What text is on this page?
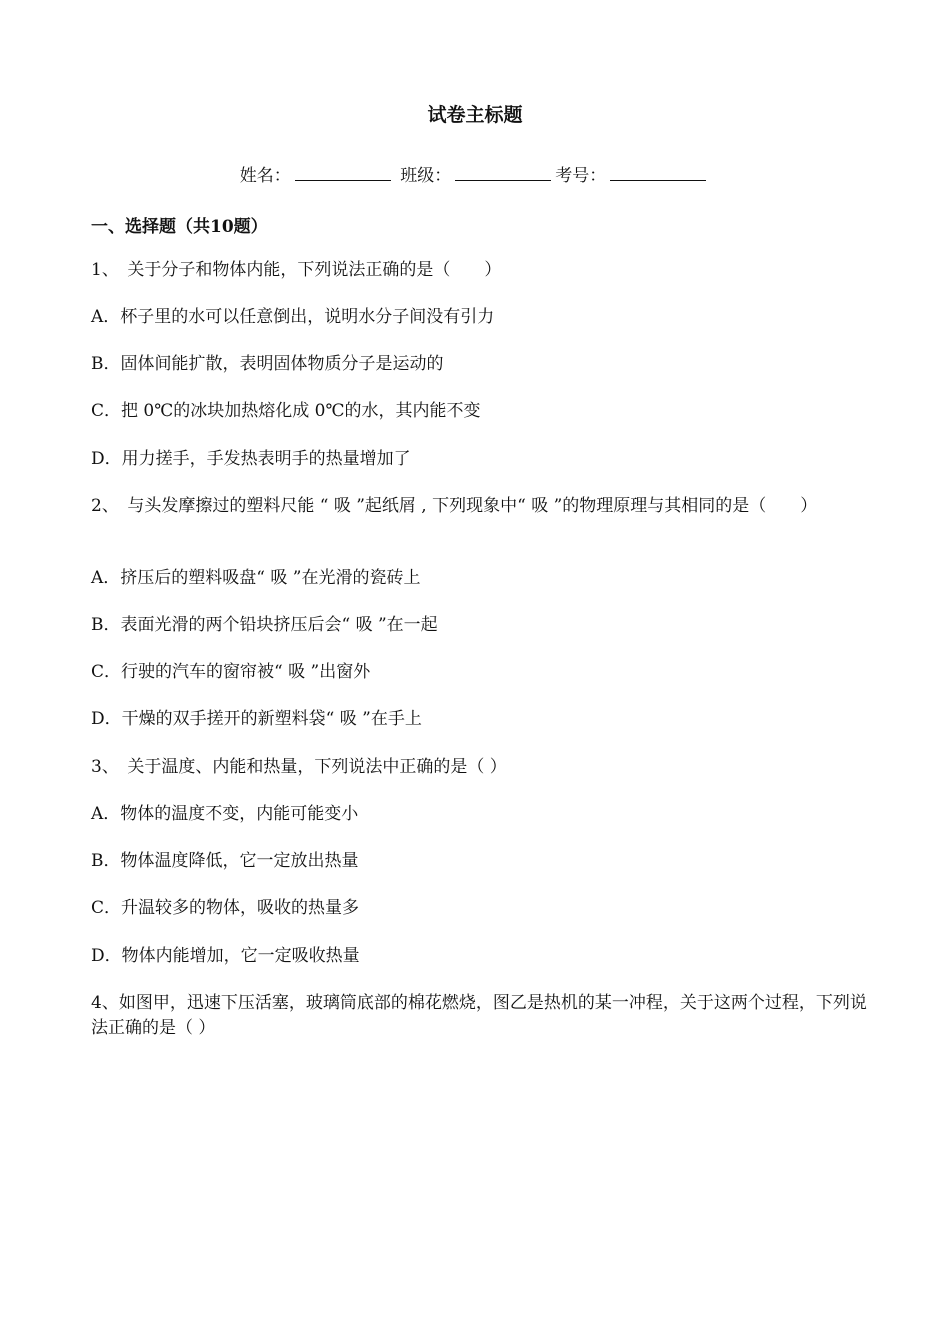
试卷主标题
姓名：	班级：	考号：
一、选择题（共10题）
1、　关于分子和物体内能，下列说法正确的是（　　）
A．杯子里的水可以任意倒出，说明水分子间没有引力
B．固体间能扩散，表明固体物质分子是运动的
C．把 0℃的冰块加热熔化成 0℃的水，其内能不变
D．用力搓手，手发热表明手的热量增加了
2、　与头发摩擦过的塑料尺能 “ 吸 ”起纸屑 , 下列现象中“ 吸 ”的物理原理与其相同的是（　　）
A．挤压后的塑料吸盘“ 吸 ”在光滑的瓷砖上
B．表面光滑的两个铅块挤压后会“ 吸 ”在一起
C．行驶的汽车的窗帘被“ 吸 ”出窗外
D．干燥的双手搓开的新塑料袋“ 吸 ”在手上
3、　关于温度、内能和热量，下列说法中正确的是（ ）
A．物体的温度不变，内能可能变小
B．物体温度降低，它一定放出热量
C．升温较多的物体，吸收的热量多
D．物体内能增加，它一定吸收热量
4、如图甲，迅速下压活塞，玻璃筒底部的棉花燃烧，图乙是热机的某一冲程，关于这两个过程，下列说法正确的是（ ）
